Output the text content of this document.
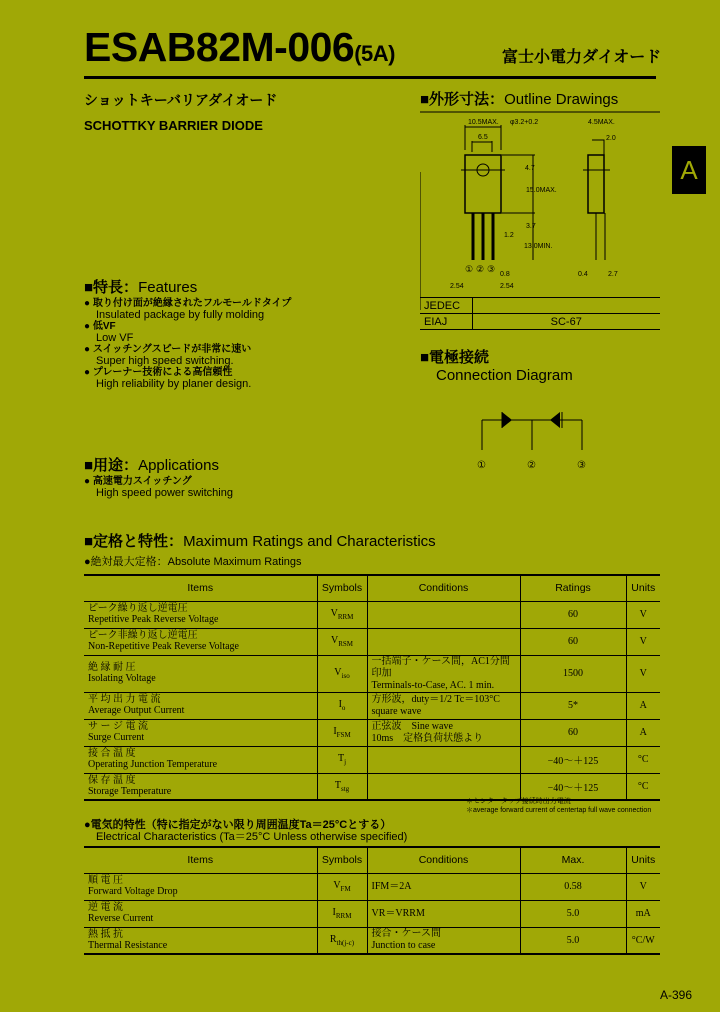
ESAB82M-006(5A)	富士小電力ダイオード
ショットキーバリアダイオード
SCHOTTKY BARRIER DIODE
A
■特長：Features
● 取り付け面が絶縁されたフルモールドタイプ
Insulated package by fully molding
● 低VF
Low VF
● スイッチングスピードが非常に速い
Super high speed switching.
● プレーナー技術による高信頼性
High reliability by planer design.
■用途：Applications
● 高速電力スイッチング
High speed power switching
■外形寸法：Outline Drawings
10.5MAX.
6.5
φ3.2+0.2
4.7
15.0MAX.
3.7
13.0MIN.
1.2
0.8
2.54	2.54
4.5MAX.
2.0
0.4	2.7
① ② ③
JEDEC	
EIAJ	SC-67
■電極接続
Connection Diagram
①	②	③
■定格と特性：Maximum Ratings and Characteristics
●絶対最大定格：Absolute Maximum Ratings
Items	Symbols	Conditions	Ratings	Units

ピーク繰り返し逆電圧
Repetitive Peak Reverse Voltage	$V_{RRM}$		60	V

ピーク非繰り返し逆電圧
Non-Repetitive Peak Reverse Voltage	$V_{RSM}$		60	V

絶 縁 耐 圧
Isolating Voltage	$V_{iso}$	一括端子・ケース間，AC1分間印加
Terminals-to-Case, AC. 1 min.	1500	V

平 均 出 力 電 流
Average Output Current	$I_o$	方形波，duty＝1/2 Tc＝103°C
square wave	5*	A

サ ー ジ 電 流
Surge Current	$I_{FSM}$	正弦波　Sine wave
10ms　定格負荷状態より	60	A

接 合 温 度
Operating Junction Temperature	$T_j$		−40～＋125	°C

保 存 温 度
Storage Temperature	$T_{stg}$		−40～＋125	°C
＊センタータップ接続時出力電流
＊average forward current of centertap full wave connection
●電気的特性（特に指定がない限り周囲温度Ta＝25°Cとする）
Electrical Characteristics (Ta＝25°C Unless otherwise specified)
Items	Symbols	Conditions	Max.	Units

順 電 圧
Forward Voltage Drop	$V_{FM}$	IFM＝2A	0.58	V

逆 電 流
Reverse Current	$I_{RRM}$	VR＝VRRM	5.0	mA

熱 抵 抗
Thermal Resistance	$R_{th(j-c)}$	接合・ケース間
Junction to case	5.0	°C/W
A-396
